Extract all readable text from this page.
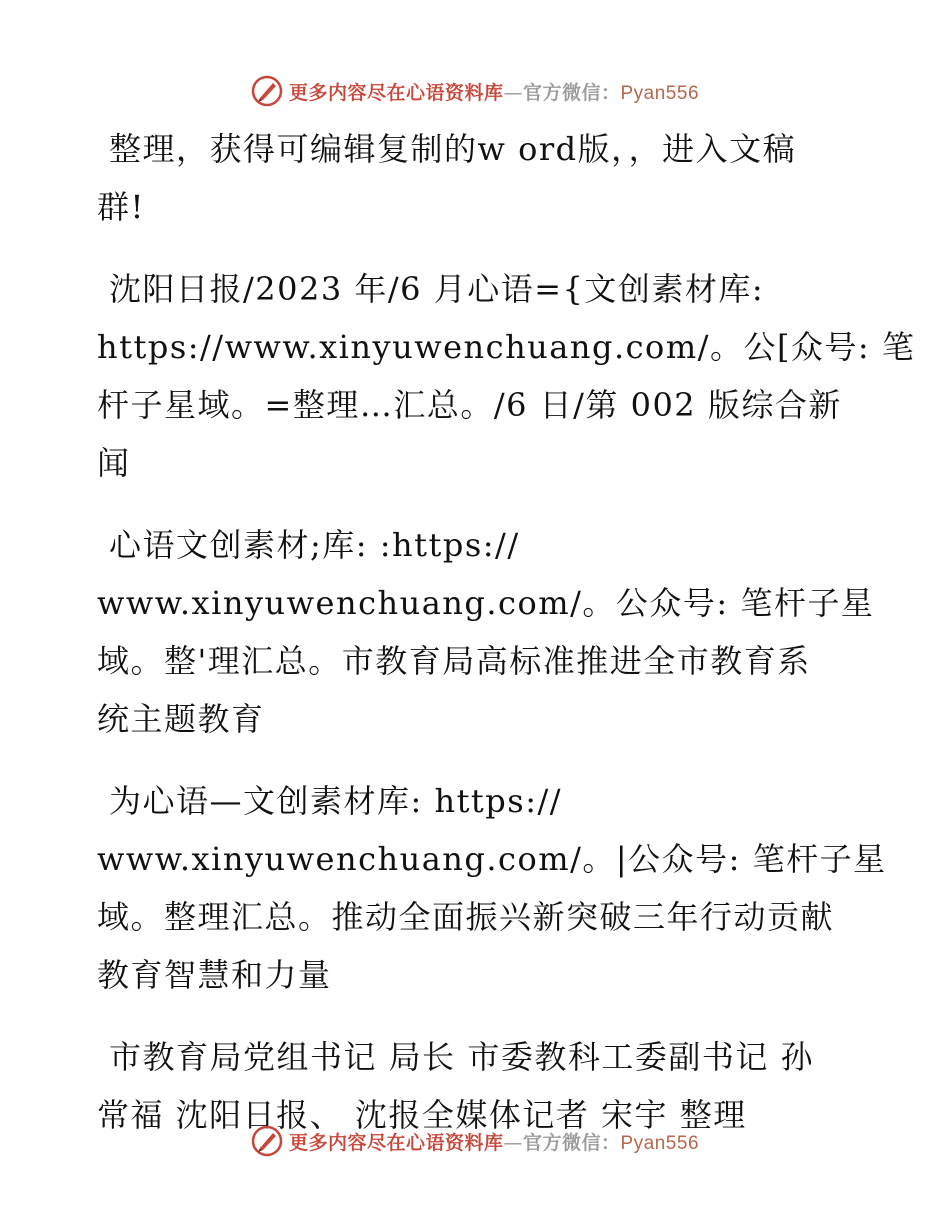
更多内容尽在心语资料库—官方微信：Pyan556
整理，获得可编辑复制的w ord版，，进入文稿
群!
沈阳日报/2023 年/6 月心语={文创素材库:
https://www.xinyuwenchuang.com/。公[众号: 笔
杆子星域。=整理…汇总。/6 日/第 002 版综合新
闻
心语文创素材;库: :https://
www.xinyuwenchuang.com/。公众号: 笔杆子星
域。整'理汇总。市教育局高标准推进全市教育系
统主题教育
为心语—文创素材库: https://
www.xinyuwenchuang.com/。|公众号: 笔杆子星
域。整理汇总。推动全面振兴新突破三年行动贡献
教育智慧和力量
市教育局党组书记 局长 市委教科工委副书记 孙
常福 沈阳日报、 沈报全媒体记者 宋宇 整理
更多内容尽在心语资料库—官方微信：Pyan556
